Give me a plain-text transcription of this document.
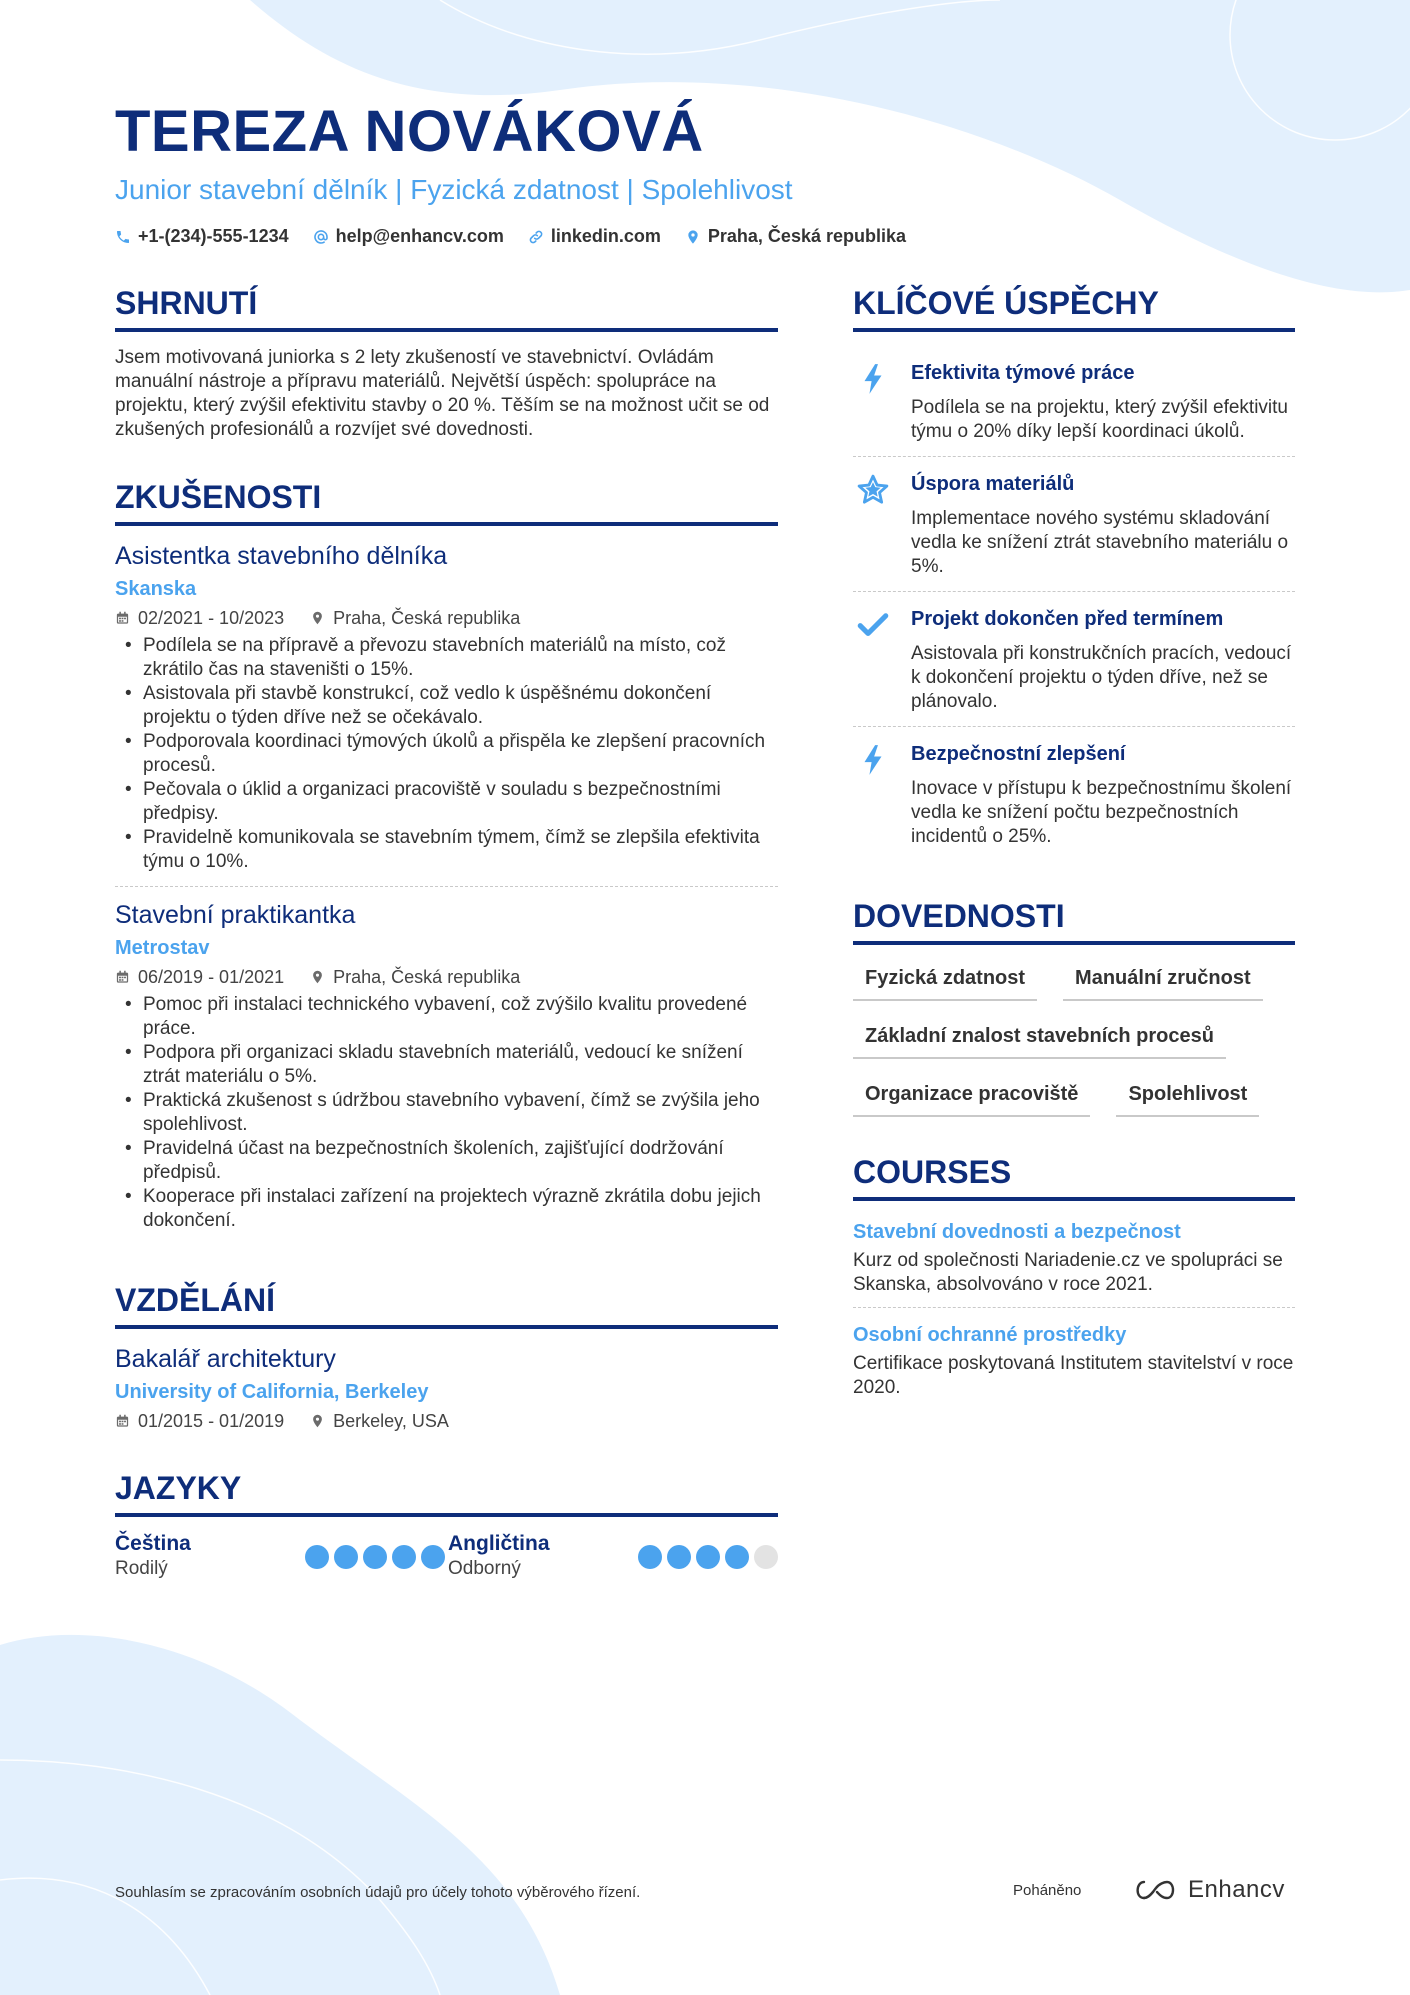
TEREZA NOVÁKOVÁ
Junior stavební dělník | Fyzická zdatnost | Spolehlivost
+1-(234)-555-1234	help@enhancv.com	linkedin.com	Praha, Česká republika
SHRNUTÍ
Jsem motivovaná juniorka s 2 lety zkušeností ve stavebnictví. Ovládám manuální nástroje a přípravu materiálů. Největší úspěch: spolupráce na projektu, který zvýšil efektivitu stavby o 20 %. Těším se na možnost učit se od zkušených profesionálů a rozvíjet své dovednosti.
ZKUŠENOSTI
Asistentka stavebního dělníka
Skanska
02/2021 - 10/2023	Praha, Česká republika
• Podílela se na přípravě a převozu stavebních materiálů na místo, což zkrátilo čas na staveništi o 15%.
• Asistovala při stavbě konstrukcí, což vedlo k úspěšnému dokončení projektu o týden dříve než se očekávalo.
• Podporovala koordinaci týmových úkolů a přispěla ke zlepšení pracovních procesů.
• Pečovala o úklid a organizaci pracoviště v souladu s bezpečnostními předpisy.
• Pravidelně komunikovala se stavebním týmem, čímž se zlepšila efektivita týmu o 10%.
Stavební praktikantka
Metrostav
06/2019 - 01/2021	Praha, Česká republika
• Pomoc při instalaci technického vybavení, což zvýšilo kvalitu provedené práce.
• Podpora při organizaci skladu stavebních materiálů, vedoucí ke snížení ztrát materiálu o 5%.
• Praktická zkušenost s údržbou stavebního vybavení, čímž se zvýšila jeho spolehlivost.
• Pravidelná účast na bezpečnostních školeních, zajišťující dodržování předpisů.
• Kooperace při instalaci zařízení na projektech výrazně zkrátila dobu jejich dokončení.
VZDĚLÁNÍ
Bakalář architektury
University of California, Berkeley
01/2015 - 01/2019	Berkeley, USA
JAZYKY
Čeština
Rodilý
Angličtina
Odborný
KLÍČOVÉ ÚSPĚCHY
Efektivita týmové práce
Podílela se na projektu, který zvýšil efektivitu týmu o 20% díky lepší koordinaci úkolů.
Úspora materiálů
Implementace nového systému skladování vedla ke snížení ztrát stavebního materiálu o 5%.
Projekt dokončen před termínem
Asistovala při konstrukčních pracích, vedoucí k dokončení projektu o týden dříve, než se plánovalo.
Bezpečnostní zlepšení
Inovace v přístupu k bezpečnostnímu školení vedla ke snížení počtu bezpečnostních incidentů o 25%.
DOVEDNOSTI
Fyzická zdatnost	Manuální zručnost
Základní znalost stavebních procesů
Organizace pracoviště	Spolehlivost
COURSES
Stavební dovednosti a bezpečnost
Kurz od společnosti Nariadenie.cz ve spolupráci se Skanska, absolvováno v roce 2021.
Osobní ochranné prostředky
Certifikace poskytovaná Institutem stavitelství v roce 2020.
Souhlasím se zpracováním osobních údajů pro účely tohoto výběrového řízení.	Poháněno	Enhancv
